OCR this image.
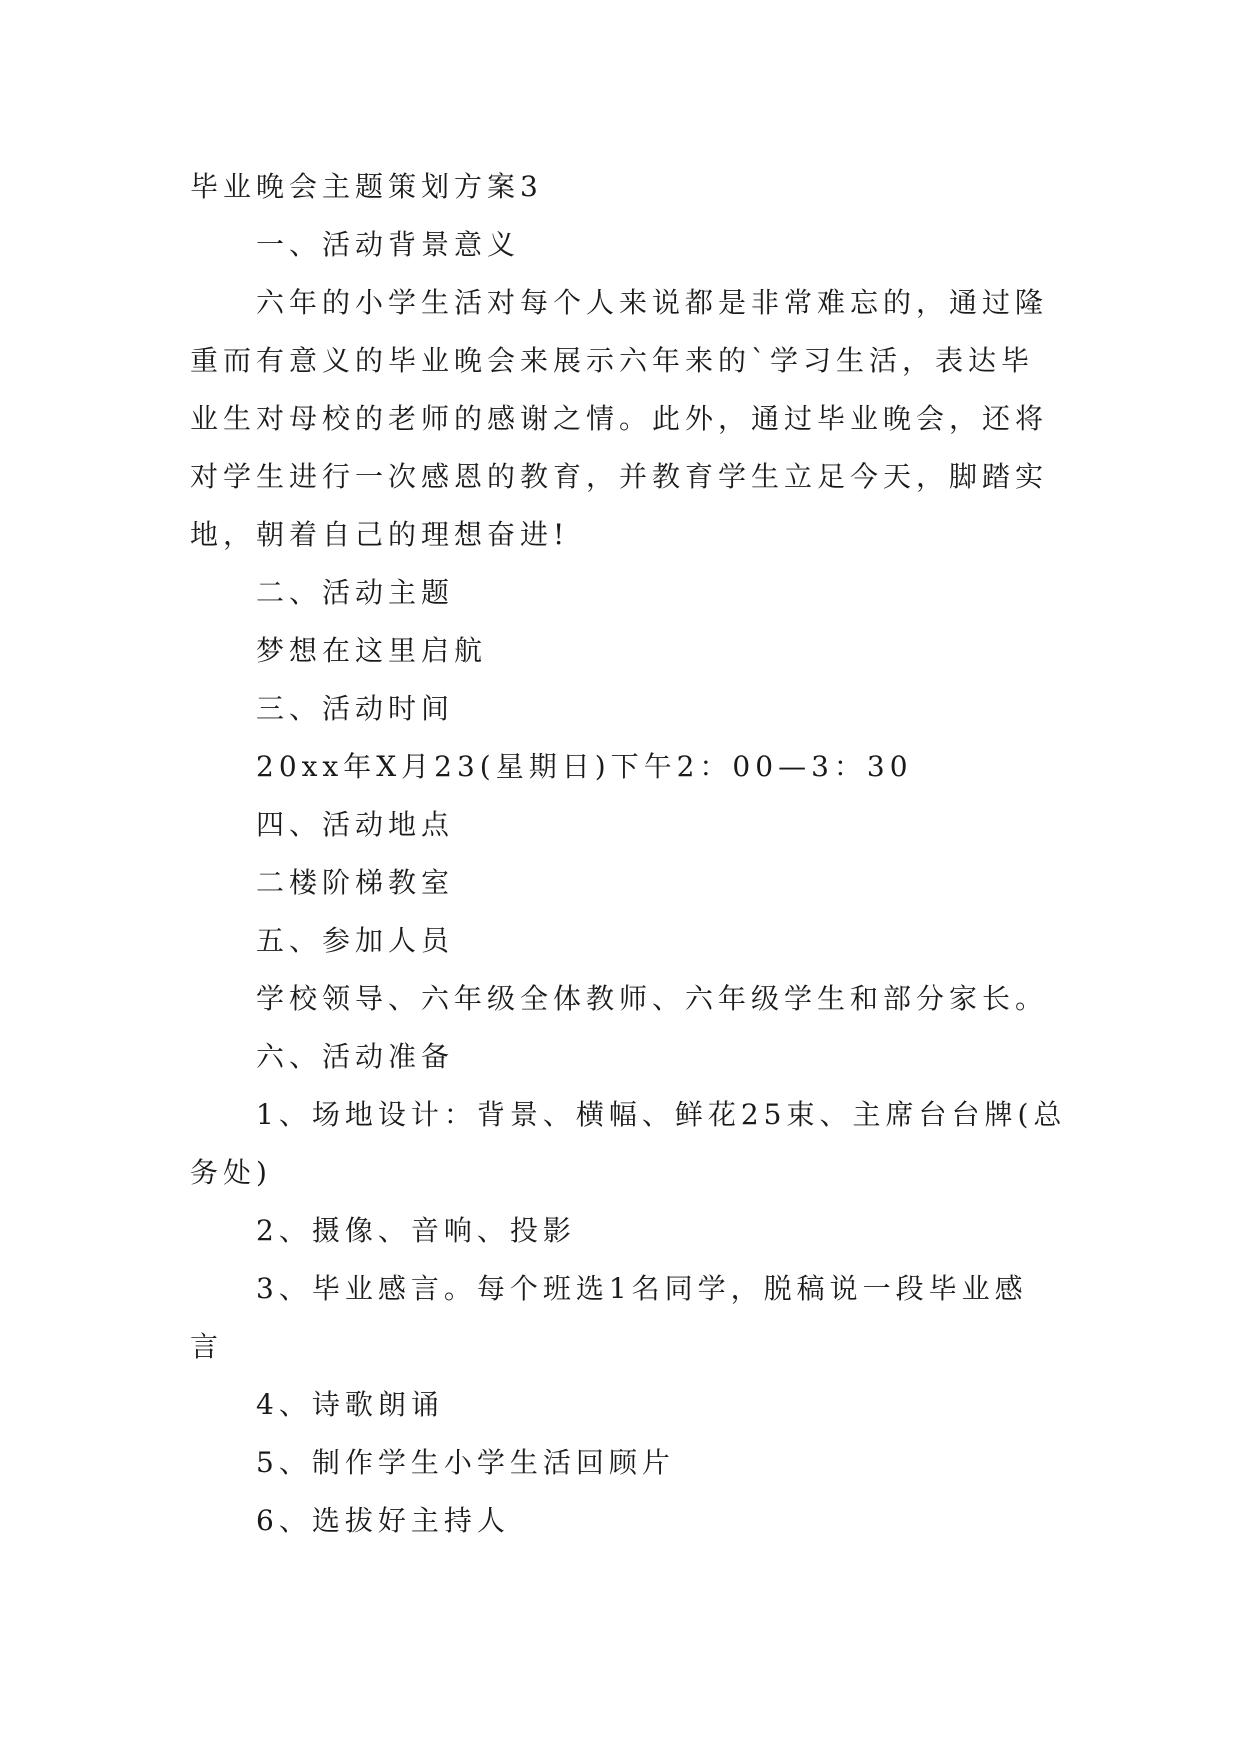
毕业晚会主题策划方案3

一、活动背景意义

六年的小学生活对每个人来说都是非常难忘的，通过隆

重而有意义的毕业晚会来展示六年来的`学习生活，表达毕

业生对母校的老师的感谢之情。此外，通过毕业晚会，还将

对学生进行一次感恩的教育，并教育学生立足今天，脚踏实

地，朝着自己的理想奋进!

二、活动主题

梦想在这里启航

三、活动时间

20xx年X月23(星期日)下午2：00—3：30

四、活动地点

二楼阶梯教室

五、参加人员

学校领导、六年级全体教师、六年级学生和部分家长。

六、活动准备

1、场地设计：背景、横幅、鲜花25束、主席台台牌(总

务处)

2、摄像、音响、投影

3、毕业感言。每个班选1名同学，脱稿说一段毕业感

言

4、诗歌朗诵

5、制作学生小学生活回顾片

6、选拔好主持人
